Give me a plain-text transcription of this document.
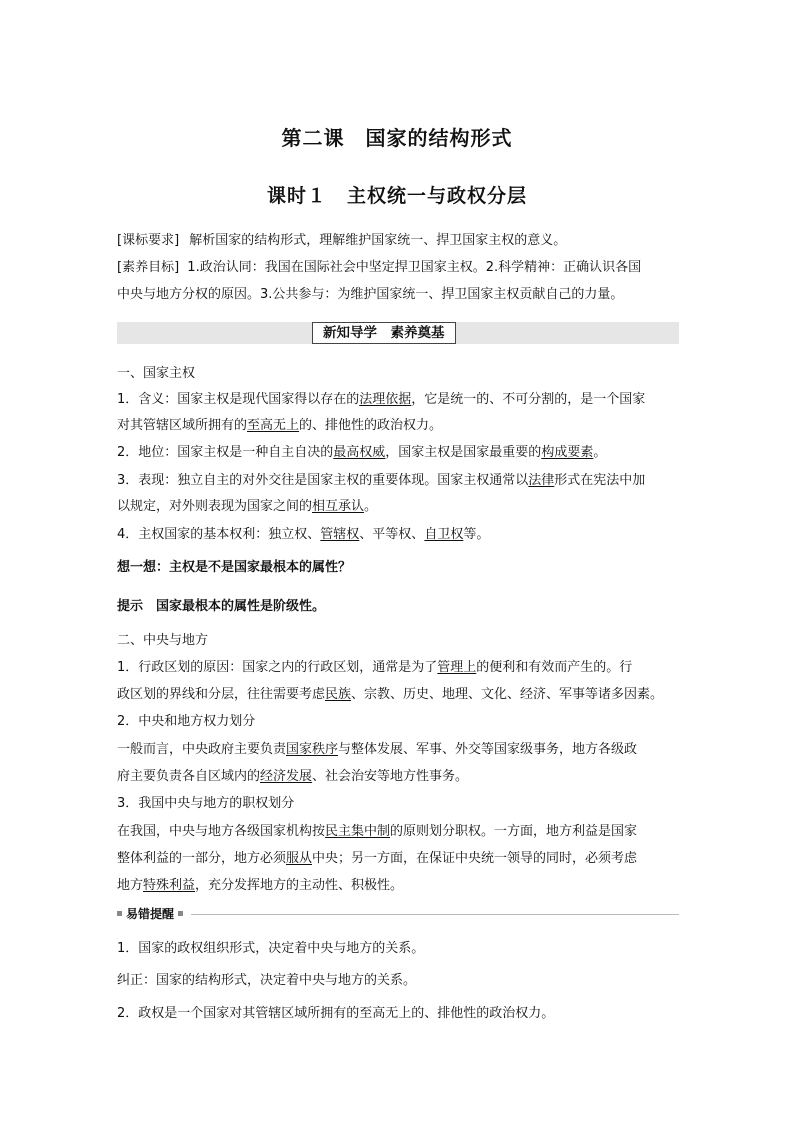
第二课　国家的结构形式
课时１　主权统一与政权分层
[课标要求] 解析国家的结构形式，理解维护国家统一、捍卫国家主权的意义。
[素养目标] 1.政治认同：我国在国际社会中坚定捍卫国家主权。2.科学精神：正确认识各国
中央与地方分权的原因。3.公共参与：为维护国家统一、捍卫国家主权贡献自己的力量。
新知导学　素养奠基
一、国家主权
1．含义：国家主权是现代国家得以存在的法理依据，它是统一的、不可分割的，是一个国家
对其管辖区域所拥有的至高无上的、排他性的政治权力。
2．地位：国家主权是一种自主自决的最高权威，国家主权是国家最重要的构成要素。
3．表现：独立自主的对外交往是国家主权的重要体现。国家主权通常以法律形式在宪法中加
以规定，对外则表现为国家之间的相互承认。
4．主权国家的基本权利：独立权、管辖权、平等权、自卫权等。
想一想：主权是不是国家最根本的属性？
提示　国家最根本的属性是阶级性。
二、中央与地方
1．行政区划的原因：国家之内的行政区划，通常是为了管理上的便利和有效而产生的。行
政区划的界线和分层，往往需要考虑民族、宗教、历史、地理、文化、经济、军事等诸多因素。
2．中央和地方权力划分
一般而言，中央政府主要负责国家秩序与整体发展、军事、外交等国家级事务，地方各级政
府主要负责各自区域内的经济发展、社会治安等地方性事务。
3．我国中央与地方的职权划分
在我国，中央与地方各级国家机构按民主集中制的原则划分职权。一方面，地方利益是国家
整体利益的一部分，地方必须服从中央；另一方面，在保证中央统一领导的同时，必须考虑
地方特殊利益，充分发挥地方的主动性、积极性。
易错提醒
1．国家的政权组织形式，决定着中央与地方的关系。
纠正：国家的结构形式，决定着中央与地方的关系。
2．政权是一个国家对其管辖区域所拥有的至高无上的、排他性的政治权力。
